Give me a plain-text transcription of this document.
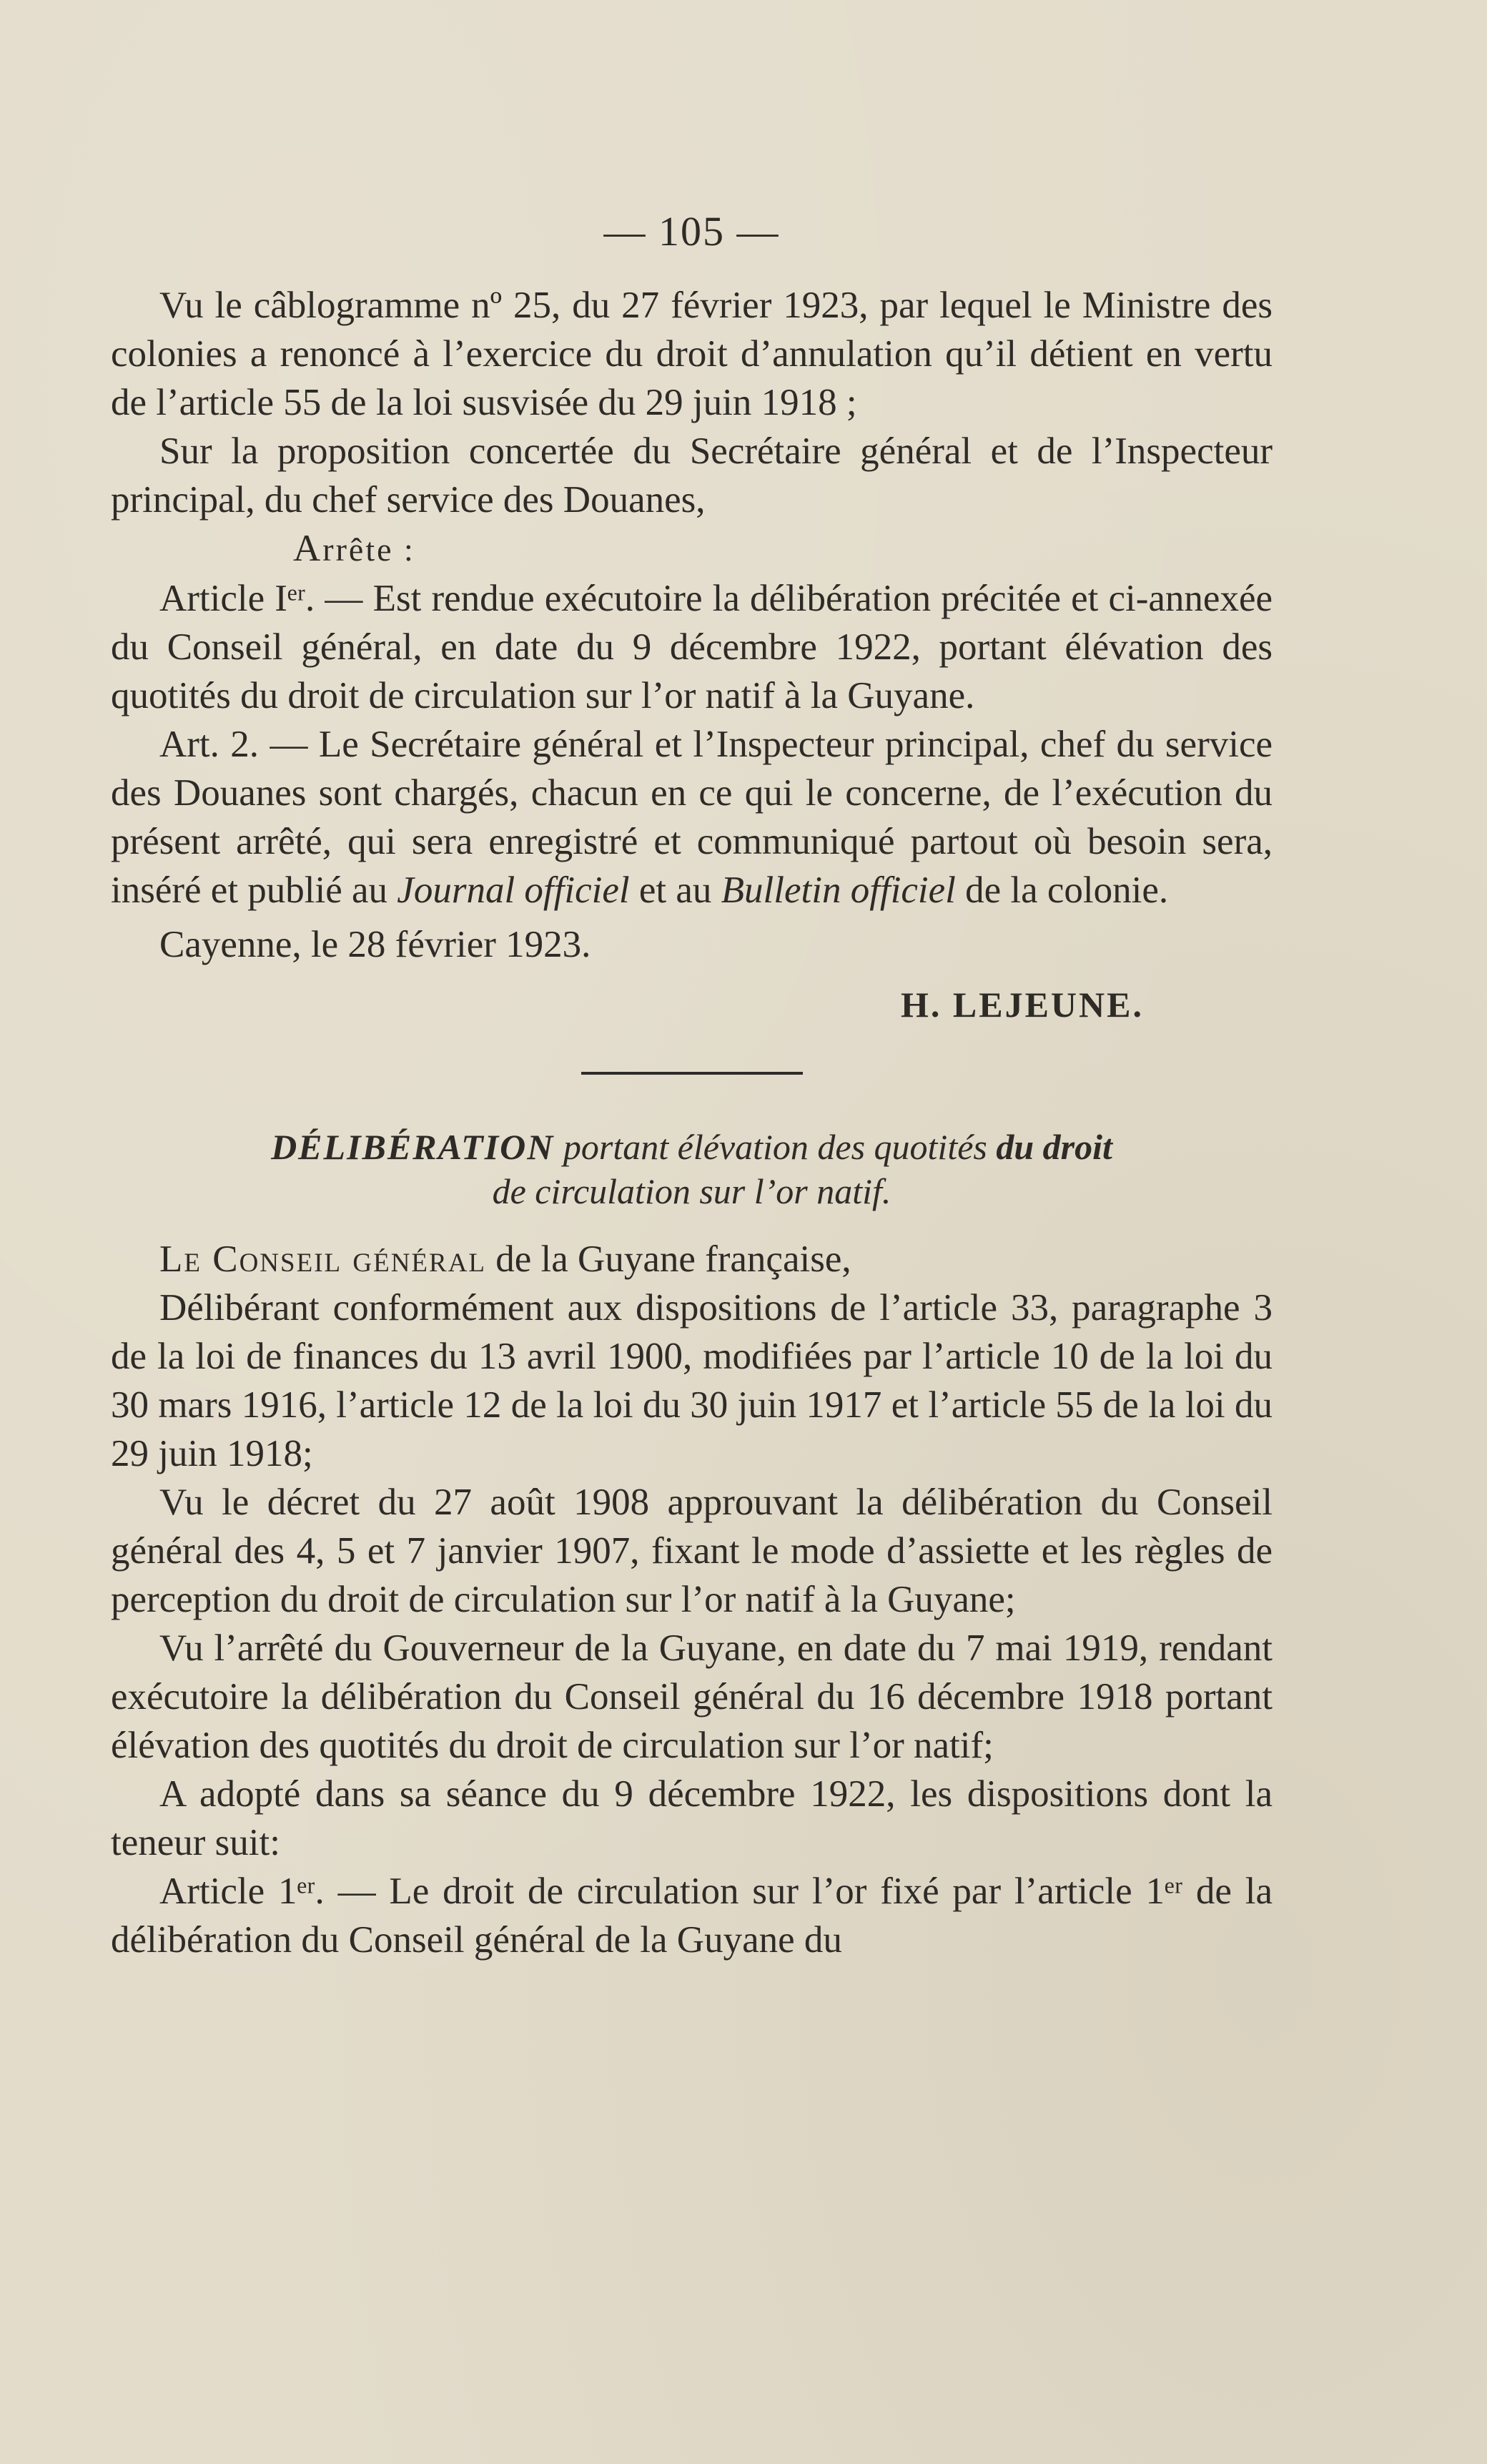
— 105 —

Vu le câblogramme nº 25, du 27 février 1923, par lequel le Ministre des colonies a renoncé à l’exercice du droit d’annulation qu’il détient en vertu de l’article 55 de la loi susvisée du 29 juin 1918 ;

Sur la proposition concertée du Secrétaire général et de l’Inspecteur principal, du chef service des Douanes,

Arrête :

Article Iᵉʳ. — Est rendue exécutoire la délibération précitée et ci-annexée du Conseil général, en date du 9 décembre 1922, portant élévation des quotités du droit de circulation sur l’or natif à la Guyane.

Art. 2. — Le Secrétaire général et l’Inspecteur principal, chef du service des Douanes sont chargés, chacun en ce qui le concerne, de l’exécution du présent arrêté, qui sera enregistré et communiqué partout où besoin sera, inséré et publié au Journal officiel et au Bulletin officiel de la colonie.

Cayenne, le 28 février 1923.

H. LEJEUNE.

DÉLIBÉRATION portant élévation des quotités du droit
de circulation sur l’or natif.

Le Conseil général de la Guyane française,

Délibérant conformément aux dispositions de l’article 33, paragraphe 3 de la loi de finances du 13 avril 1900, modifiées par l’article 10 de la loi du 30 mars 1916, l’article 12 de la loi du 30 juin 1917 et l’article 55 de la loi du 29 juin 1918;

Vu le décret du 27 août 1908 approuvant la délibération du Conseil général des 4, 5 et 7 janvier 1907, fixant le mode d’assiette et les règles de perception du droit de circulation sur l’or natif à la Guyane;

Vu l’arrêté du Gouverneur de la Guyane, en date du 7 mai 1919, rendant exécutoire la délibération du Conseil général du 16 décembre 1918 portant élévation des quotités du droit de circulation sur l’or natif;

A adopté dans sa séance du 9 décembre 1922, les dispositions dont la teneur suit:

Article 1ᵉʳ. — Le droit de circulation sur l’or fixé par l’article 1ᵉʳ de la délibération du Conseil général de la Guyane du
